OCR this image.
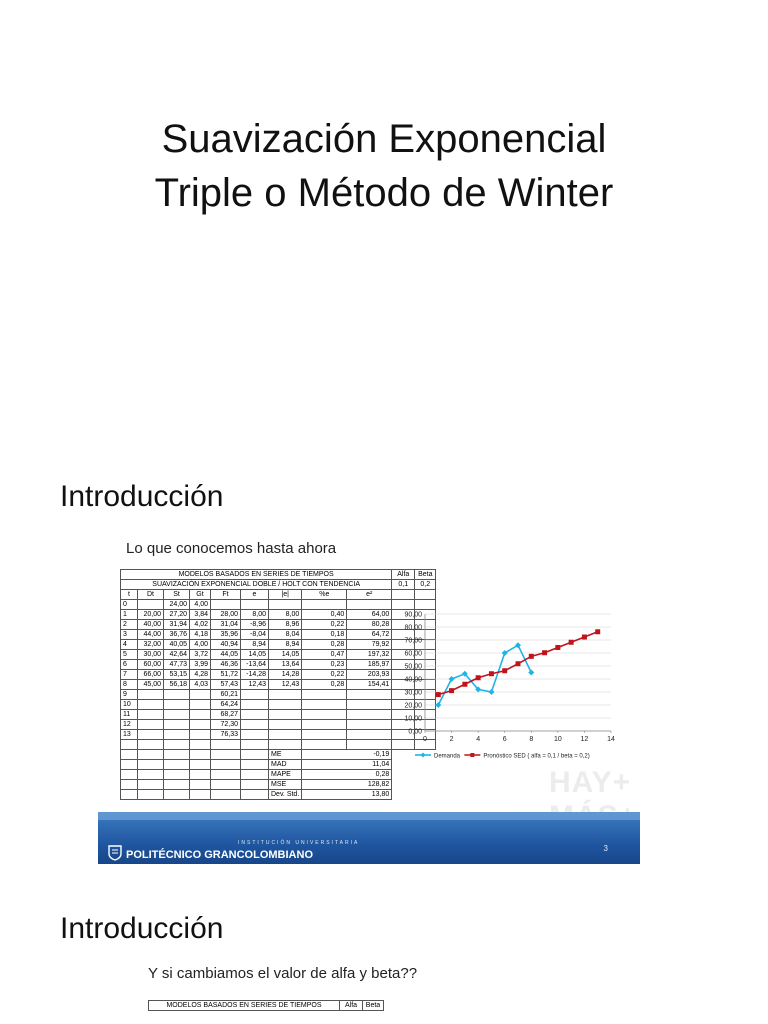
Suavización Exponencial
Triple o Método de Winter
Introducción
Lo que conocemos hasta ahora
MODELOS BASADOS EN SERIES DE TIEMPOS									Alfa	Beta
SUAVIZACIÓN EXPONENCIAL DOBLE / HOLT CON TENDENCIA									0,1	0,2
t	Dt	St	Gt	Ft	e	|e|	%e	e²		
0		24,00	4,00							
1	20,00	27,20	3,84	28,00	8,00	8,00	0,40	64,00		
2	40,00	31,94	4,02	31,04	-8,96	8,96	0,22	80,28		
3	44,00	36,76	4,18	35,96	-8,04	8,04	0,18	64,72		
4	32,00	40,05	4,00	40,94	8,94	8,94	0,28	79,92		
5	30,00	42,64	3,72	44,05	14,05	14,05	0,47	197,32		
6	60,00	47,73	3,99	46,36	-13,64	13,64	0,23	185,97		
7	66,00	53,15	4,28	51,72	-14,28	14,28	0,22	203,93		
8	45,00	56,18	4,03	57,43	12,43	12,43	0,28	154,41		
9				60,21						
10				64,24						
11				68,27						
12				72,30						
13				76,33						

						ME	-0,19			
						MAD	11,04			
						MAPE	0,28			
						MSE	128,82			
						Dev. Std.	13,80			
0,00
10,00
20,00
30,00
40,00
50,00
60,00
70,00
80,00
90,00
0	2	4	6	8	10	12	14
Demanda	Pronóstico SED ( alfa = 0,1 / beta = 0,2)
HAY+
INSTITUCIÓN UNIVERSITARIA
POLITÉCNICO GRANCOLOMBIANO
3
Introducción
Y si cambiamos el valor de alfa y beta??
MODELOS BASADOS EN SERIES DE TIEMPOS	Alfa	Beta
